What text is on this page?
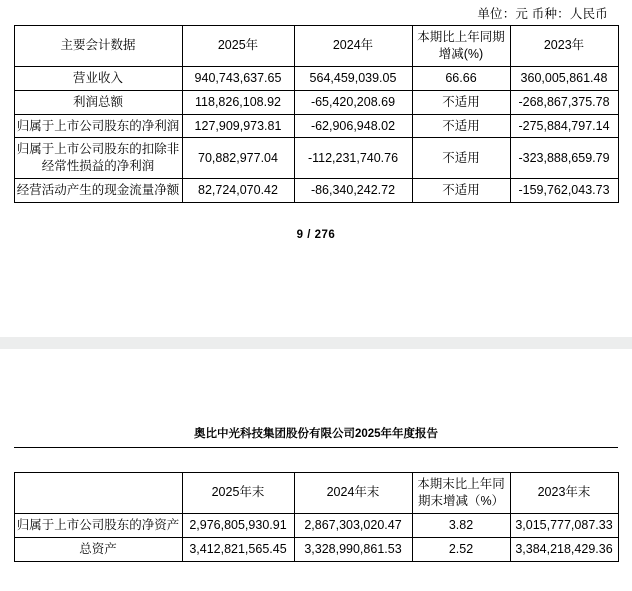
单位：元 币种：人民币
主要会计数据	2025年	2024年	本期比上年同期增减(%)	2023年
营业收入	940,743,637.65	564,459,039.05	66.66	360,005,861.48
利润总额	118,826,108.92	-65,420,208.69	不适用	-268,867,375.78
归属于上市公司股东的净利润	127,909,973.81	-62,906,948.02	不适用	-275,884,797.14
归属于上市公司股东的扣除非经常性损益的净利润	70,882,977.04	-112,231,740.76	不适用	-323,888,659.79
经营活动产生的现金流量净额	82,724,070.42	-86,340,242.72	不适用	-159,762,043.73
9 / 276
奥比中光科技集团股份有限公司2025年年度报告
	2025年末	2024年末	本期末比上年同期末增减（%）	2023年末
归属于上市公司股东的净资产	2,976,805,930.91	2,867,303,020.47	3.82	3,015,777,087.33
总资产	3,412,821,565.45	3,328,990,861.53	2.52	3,384,218,429.36
